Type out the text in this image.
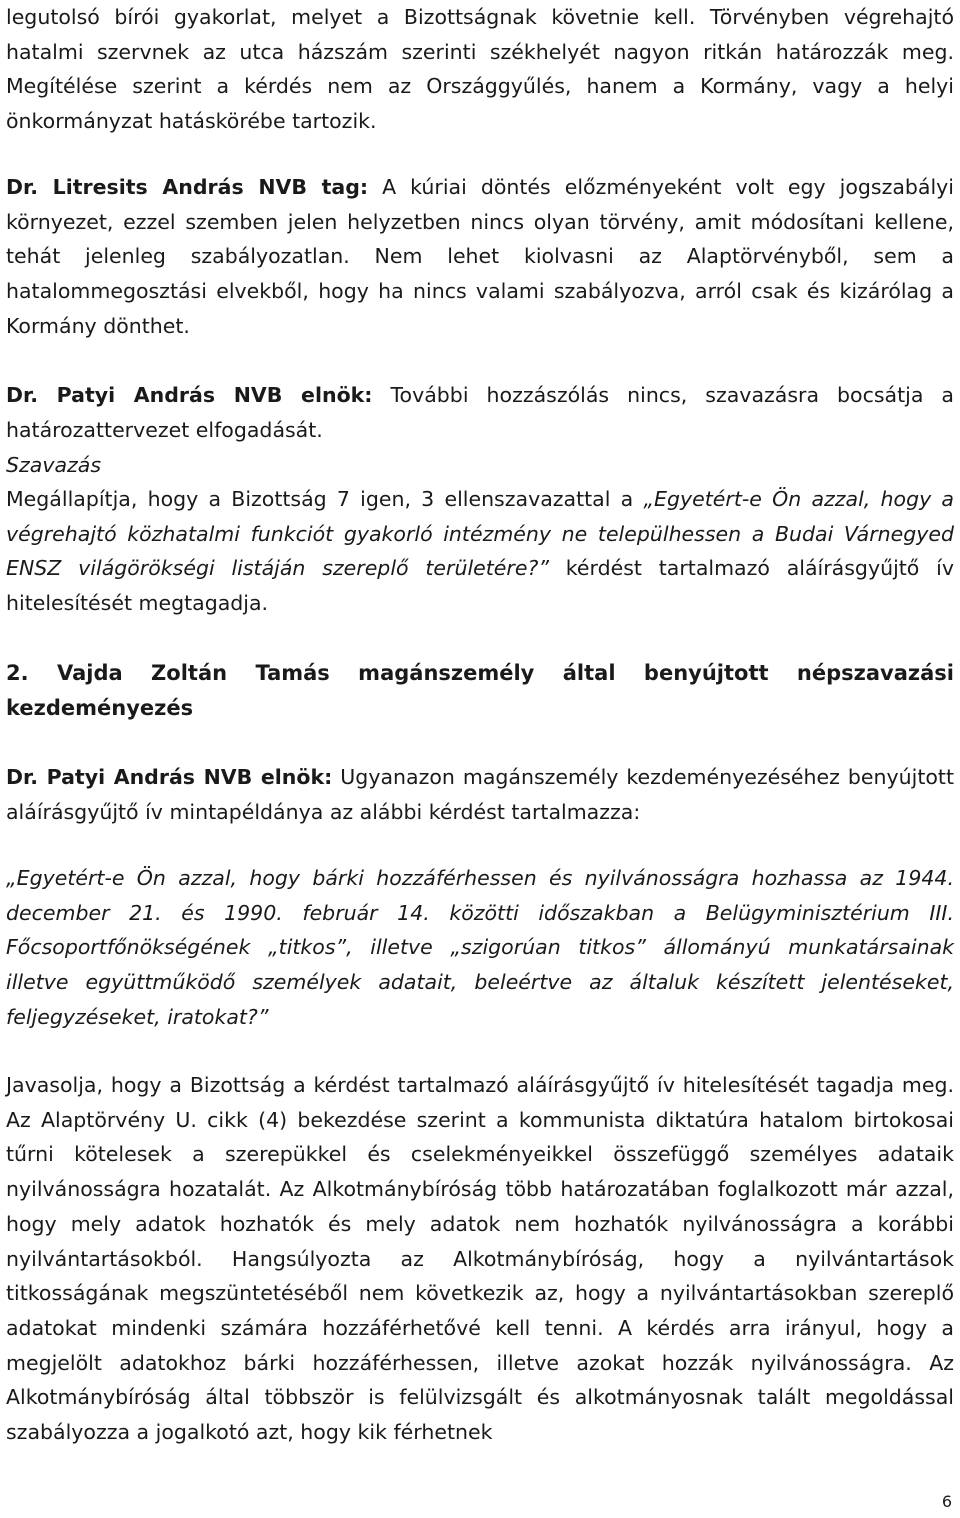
legutolsó bírói gyakorlat, melyet a Bizottságnak követnie kell. Törvényben végrehajtó hatalmi szervnek az utca házszám szerinti székhelyét nagyon ritkán határozzák meg. Megítélése szerint a kérdés nem az Országgyűlés, hanem a Kormány, vagy a helyi önkormányzat hatáskörébe tartozik.

Dr. Litresits András NVB tag: A kúriai döntés előzményeként volt egy jogszabályi környezet, ezzel szemben jelen helyzetben nincs olyan törvény, amit módosítani kellene, tehát jelenleg szabályozatlan. Nem lehet kiolvasni az Alaptörvényből, sem a hatalommegosztási elvekből, hogy ha nincs valami szabályozva, arról csak és kizárólag a Kormány dönthet.

Dr. Patyi András NVB elnök: További hozzászólás nincs, szavazásra bocsátja a határozattervezet elfogadását.

Szavazás

Megállapítja, hogy a Bizottság 7 igen, 3 ellenszavazattal a „Egyetért-e Ön azzal, hogy a végrehajtó közhatalmi funkciót gyakorló intézmény ne települhessen a Budai Várnegyed ENSZ világörökségi listáján szereplő területére?” kérdést tartalmazó aláírásgyűjtő ív hitelesítését megtagadja.

2. Vajda Zoltán Tamás magánszemély által benyújtott népszavazási kezdeményezés

Dr. Patyi András NVB elnök: Ugyanazon magánszemély kezdeményezéséhez benyújtott aláírásgyűjtő ív mintapéldánya az alábbi kérdést tartalmazza:

„Egyetért-e Ön azzal, hogy bárki hozzáférhessen és nyilvánosságra hozhassa az 1944. december 21. és 1990. február 14. közötti időszakban a Belügyminisztérium III. Főcsoportfőnökségének „titkos”, illetve „szigorúan titkos” állományú munkatársainak illetve együttműködő személyek adatait, beleértve az általuk készített jelentéseket, feljegyzéseket, iratokat?”

Javasolja, hogy a Bizottság a kérdést tartalmazó aláírásgyűjtő ív hitelesítését tagadja meg. Az Alaptörvény U. cikk (4) bekezdése szerint a kommunista diktatúra hatalom birtokosai tűrni kötelesek a szerepükkel és cselekményeikkel összefüggő személyes adataik nyilvánosságra hozatalát. Az Alkotmánybíróság több határozatában foglalkozott már azzal, hogy mely adatok hozhatók és mely adatok nem hozhatók nyilvánosságra a korábbi nyilvántartásokból. Hangsúlyozta az Alkotmánybíróság, hogy a nyilvántartások titkosságának megszüntetéséből nem következik az, hogy a nyilvántartásokban szereplő adatokat mindenki számára hozzáférhetővé kell tenni. A kérdés arra irányul, hogy a megjelölt adatokhoz bárki hozzáférhessen, illetve azokat hozzák nyilvánosságra. Az Alkotmánybíróság által többször is felülvizsgált és alkotmányosnak talált megoldással szabályozza a jogalkotó azt, hogy kik férhetnek

6
